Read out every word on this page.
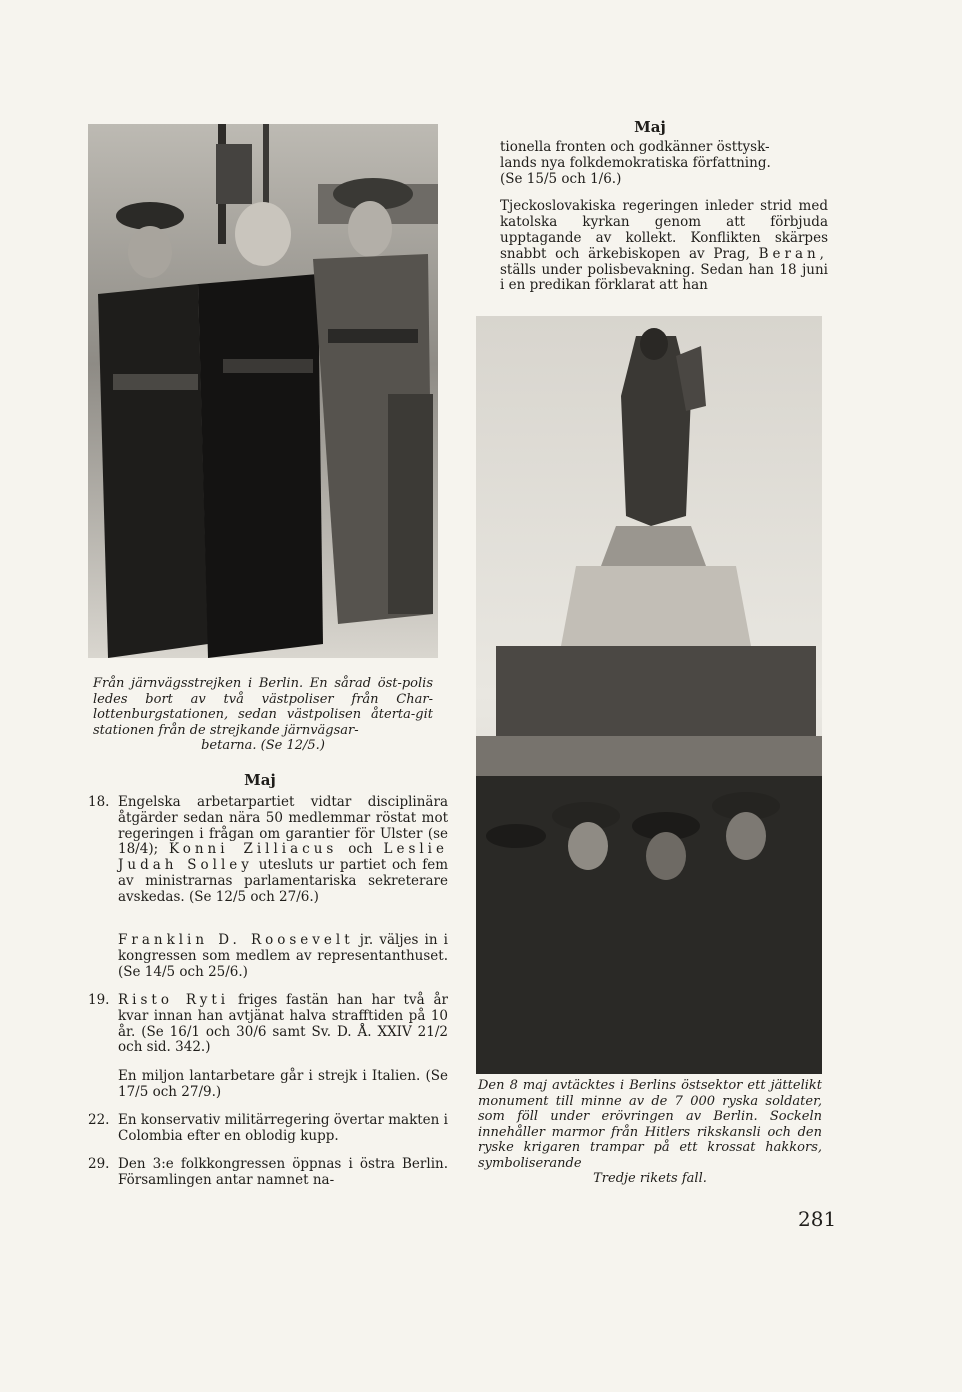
Maj

tionella fronten och godkänner östtysk-

lands nya folkdemokratiska författning.

(Se 15/5 och 1/6.)

Tjeckoslovakiska regeringen inleder strid med katolska kyrkan genom att förbjuda upptagande av kollekt. Konflikten skärpes snabbt och ärkebiskopen av Prag, Beran, ställs under polisbevakning. Sedan han 18 juni i en predikan förklarat att han

Från järnvägsstrejken i Berlin. En sårad öst-polis ledes bort av två västpoliser från Char-lottenburgstationen, sedan västpolisen återta-git stationen från de strejkande järnvägsar-
betarna. (Se 12/5.)
Maj
18. Engelska arbetarpartiet vidtar disciplinära åtgärder sedan nära 50 medlemmar röstat mot regeringen i frågan om garantier för Ulster (se 18/4); Konni Zilliacus och Leslie Judah Solley utesluts ur partiet och fem av ministrarnas parlamentariska sekreterare avskedas. (Se 12/5 och 27/6.)
Franklin D. Roosevelt jr. väljes in i kongressen som medlem av representanthuset. (Se 14/5 och 25/6.)
19. Risto Ryti friges fastän han har två år kvar innan han avtjänat halva strafftiden på 10 år. (Se 16/1 och 30/6 samt Sv. D. Å. XXIV 21/2 och sid. 342.)
En miljon lantarbetare går i strejk i Italien. (Se 17/5 och 27/9.)
22. En konservativ militärregering övertar makten i Colombia efter en oblodig kupp.
29. Den 3:e folkkongressen öppnas i östra Berlin. Församlingen antar namnet na-
Den 8 maj avtäcktes i Berlins östsektor ett jättelikt monument till minne av de 7 000 ryska soldater, som föll under erövringen av Berlin. Sockeln innehåller marmor från Hitlers rikskansli och den ryske krigaren trampar på ett krossat hakkors, symboliserande
Tredje rikets fall.
281
